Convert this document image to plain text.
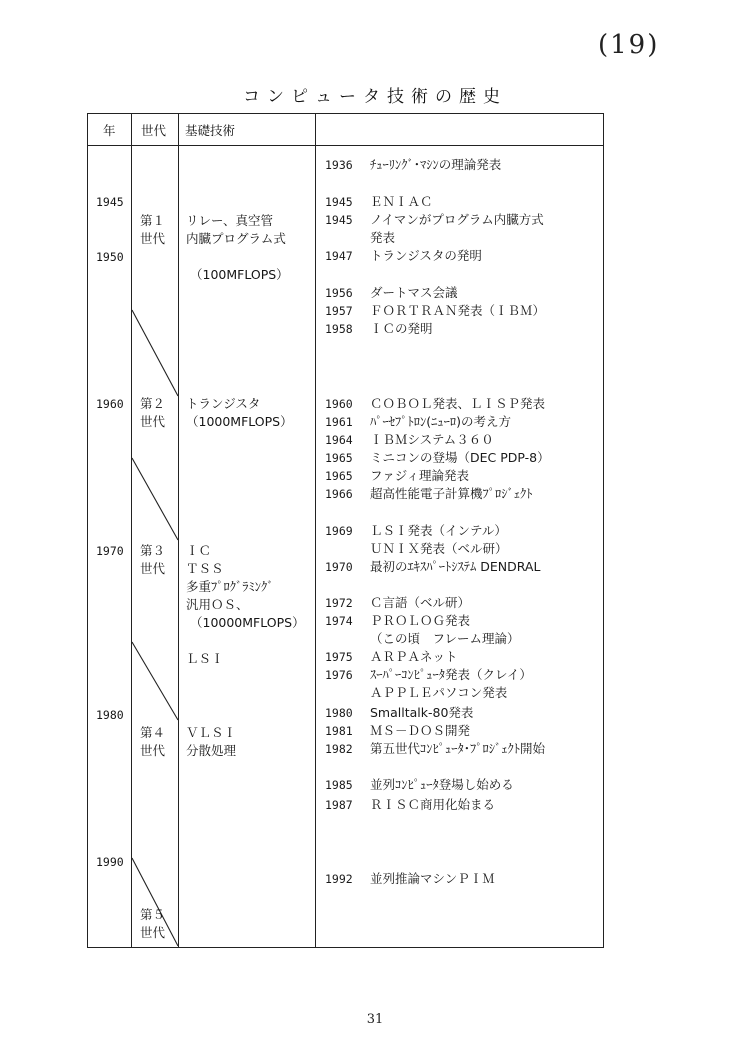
(19)
コンピュータ技術の歴史
年 世代 基礎技術
1945
1950
1960
1970
1980
1990
第１
世代
第２
世代
第３
世代
第４
世代
第５
世代
リレー、真空管
内臓プログラム式
（100MFLOPS）
トランジスタ
（1000MFLOPS）
ＩＣ
ＴＳＳ
多重ﾌﾟﾛｸﾞﾗﾐﾝｸﾞ
汎用ＯＳ、
（10000MFLOPS）
ＬＳＩ
ＶＬＳＩ
分散処理
1936 ﾁｭｰﾘﾝｸﾞ･ﾏｼﾝの理論発表
1945 ＥＮＩＡＣ
1945 ノイマンがプログラム内臓方式
発表
1947 トランジスタの発明
1956 ダートマス会議
1957 ＦＯＲＴＲＡＮ発表（ＩＢＭ）
1958 ＩＣの発明
1960 ＣＯＢＯＬ発表、ＬＩＳＰ発表
1961 ﾊﾟｰｾﾌﾟﾄﾛﾝ(ﾆｭｰﾛ)の考え方
1964 ＩＢＭシステム３６０
1965 ミニコンの登場（DEC PDP-8）
1965 ファジィ理論発表
1966 超高性能電子計算機ﾌﾟﾛｼﾞｪｸﾄ
1969 ＬＳＩ発表（インテル）
ＵＮＩＸ発表（ベル研）
1970 最初のｴｷｽﾊﾟｰﾄｼｽﾃﾑ DENDRAL
1972 Ｃ言語（ベル研）
1974 ＰＲＯＬＯＧ発表
（この頃　フレーム理論）
1975 ＡＲＰＡネット
1976 ｽｰﾊﾟｰｺﾝﾋﾟｭｰﾀ発表（クレイ）
ＡＰＰＬＥパソコン発表
1980 Smalltalk-80発表
1981 ＭＳ－ＤＯＳ開発
1982 第五世代ｺﾝﾋﾟｭｰﾀ･ﾌﾟﾛｼﾞｪｸﾄ開始
1985 並列ｺﾝﾋﾟｭｰﾀ登場し始める
1987 ＲＩＳＣ商用化始まる
1992 並列推論マシンＰＩＭ
31
